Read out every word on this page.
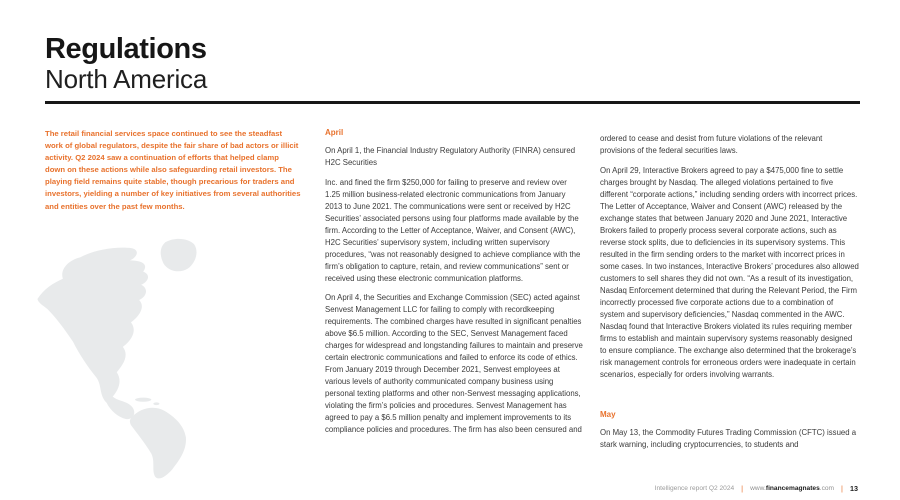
Regulations
North America

The retail financial services space continued to see the steadfast work of global regulators, despite the fair share of bad actors or illicit activity. Q2 2024 saw a continuation of efforts that helped clamp down on these actions while also safeguarding retail investors. The playing field remains quite stable, though precarious for traders and investors, yielding a number of key initiatives from several authorities and entities over the past few months.

April

On April 1, the Financial Industry Regulatory Authority (FINRA) censured H2C Securities

Inc. and fined the firm $250,000 for failing to preserve and review over 1.25 million business-related electronic communications from January 2013 to June 2021. The communications were sent or received by H2C Securities’ associated persons using four platforms made available by the firm. According to the Letter of Acceptance, Waiver, and Consent (AWC), H2C Securities’ supervisory system, including written supervisory procedures, “was not reasonably designed to achieve compliance with the firm’s obligation to capture, retain, and review communications” sent or received using these electronic communication platforms.

On April 4, the Securities and Exchange Commission (SEC) acted against Senvest Management LLC for failing to comply with recordkeeping requirements. The combined charges have resulted in significant penalties above $6.5 million. According to the SEC, Senvest Management faced charges for widespread and longstanding failures to maintain and preserve certain electronic communications and failed to enforce its code of ethics. From January 2019 through December 2021, Senvest employees at various levels of authority communicated company business using personal texting platforms and other non-Senvest messaging applications, violating the firm’s policies and procedures. Senvest Management has agreed to pay a $6.5 million penalty and implement improvements to its compliance policies and procedures. The firm has also been censured and

ordered to cease and desist from future violations of the relevant provisions of the federal securities laws.

On April 29, Interactive Brokers agreed to pay a $475,000 fine to settle charges brought by Nasdaq. The alleged violations pertained to five different “corporate actions,” including sending orders with incorrect prices. The Letter of Acceptance, Waiver and Consent (AWC) released by the exchange states that between January 2020 and June 2021, Interactive Brokers failed to properly process several corporate actions, such as reverse stock splits, due to deficiencies in its supervisory systems. This resulted in the firm sending orders to the market with incorrect prices in some cases. In two instances, Interactive Brokers’ procedures also allowed customers to sell shares they did not own. “As a result of its investigation, Nasdaq Enforcement determined that during the Relevant Period, the Firm incorrectly processed five corporate actions due to a combination of system and supervisory deficiencies,” Nasdaq commented in the AWC. Nasdaq found that Interactive Brokers violated its rules requiring member firms to establish and maintain supervisory systems reasonably designed to ensure compliance. The exchange also determined that the brokerage’s risk management controls for erroneous orders were inadequate in certain scenarios, especially for orders involving warrants.

May

On May 13, the Commodity Futures Trading Commission (CFTC) issued a stark warning, including cryptocurrencies, to students and

Intelligence report Q2 2024 | www.financemagnates.com | 13
